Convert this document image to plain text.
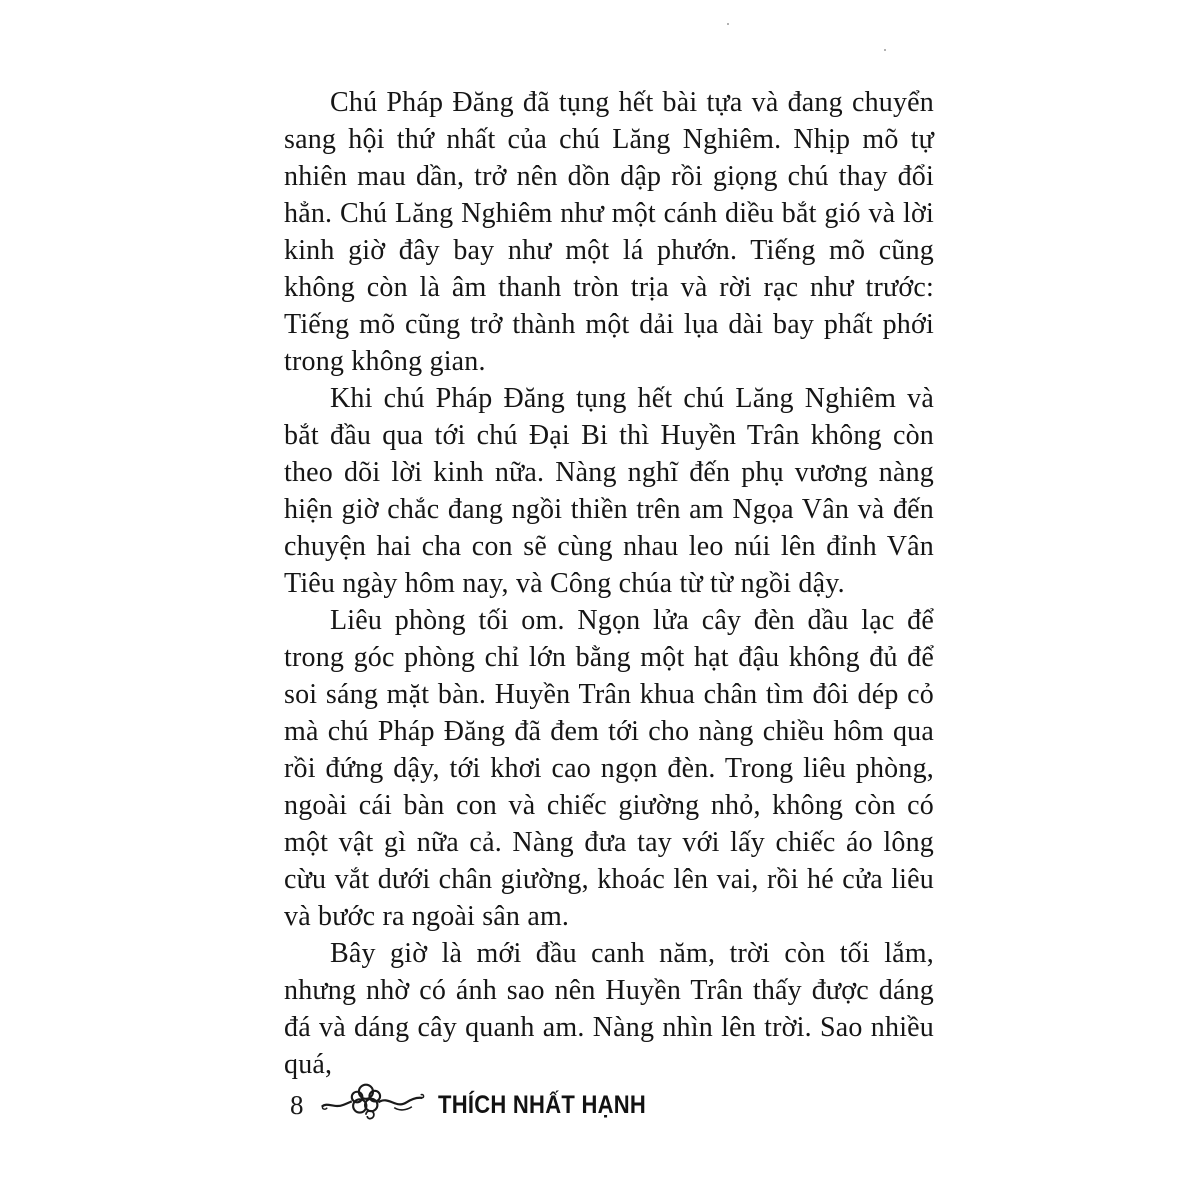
Chú Pháp Đăng đã tụng hết bài tựa và đang chuyển sang hội thứ nhất của chú Lăng Nghiêm. Nhịp mõ tự nhiên mau dần, trở nên dồn dập rồi giọng chú thay đổi hẳn. Chú Lăng Nghiêm như một cánh diều bắt gió và lời kinh giờ đây bay như một lá phướn. Tiếng mõ cũng không còn là âm thanh tròn trịa và rời rạc như trước: Tiếng mõ cũng trở thành một dải lụa dài bay phất phới trong không gian.

Khi chú Pháp Đăng tụng hết chú Lăng Nghiêm và bắt đầu qua tới chú Đại Bi thì Huyền Trân không còn theo dõi lời kinh nữa. Nàng nghĩ đến phụ vương nàng hiện giờ chắc đang ngồi thiền trên am Ngọa Vân và đến chuyện hai cha con sẽ cùng nhau leo núi lên đỉnh Vân Tiêu ngày hôm nay, và Công chúa từ từ ngồi dậy.

Liêu phòng tối om. Ngọn lửa cây đèn dầu lạc để trong góc phòng chỉ lớn bằng một hạt đậu không đủ để soi sáng mặt bàn. Huyền Trân khua chân tìm đôi dép cỏ mà chú Pháp Đăng đã đem tới cho nàng chiều hôm qua rồi đứng dậy, tới khơi cao ngọn đèn. Trong liêu phòng, ngoài cái bàn con và chiếc giường nhỏ, không còn có một vật gì nữa cả. Nàng đưa tay với lấy chiếc áo lông cừu vắt dưới chân giường, khoác lên vai, rồi hé cửa liêu và bước ra ngoài sân am.

Bây giờ là mới đầu canh năm, trời còn tối lắm, nhưng nhờ có ánh sao nên Huyền Trân thấy được dáng đá và dáng cây quanh am. Nàng nhìn lên trời. Sao nhiều quá,

8	THÍCH NHẤT HẠNH
